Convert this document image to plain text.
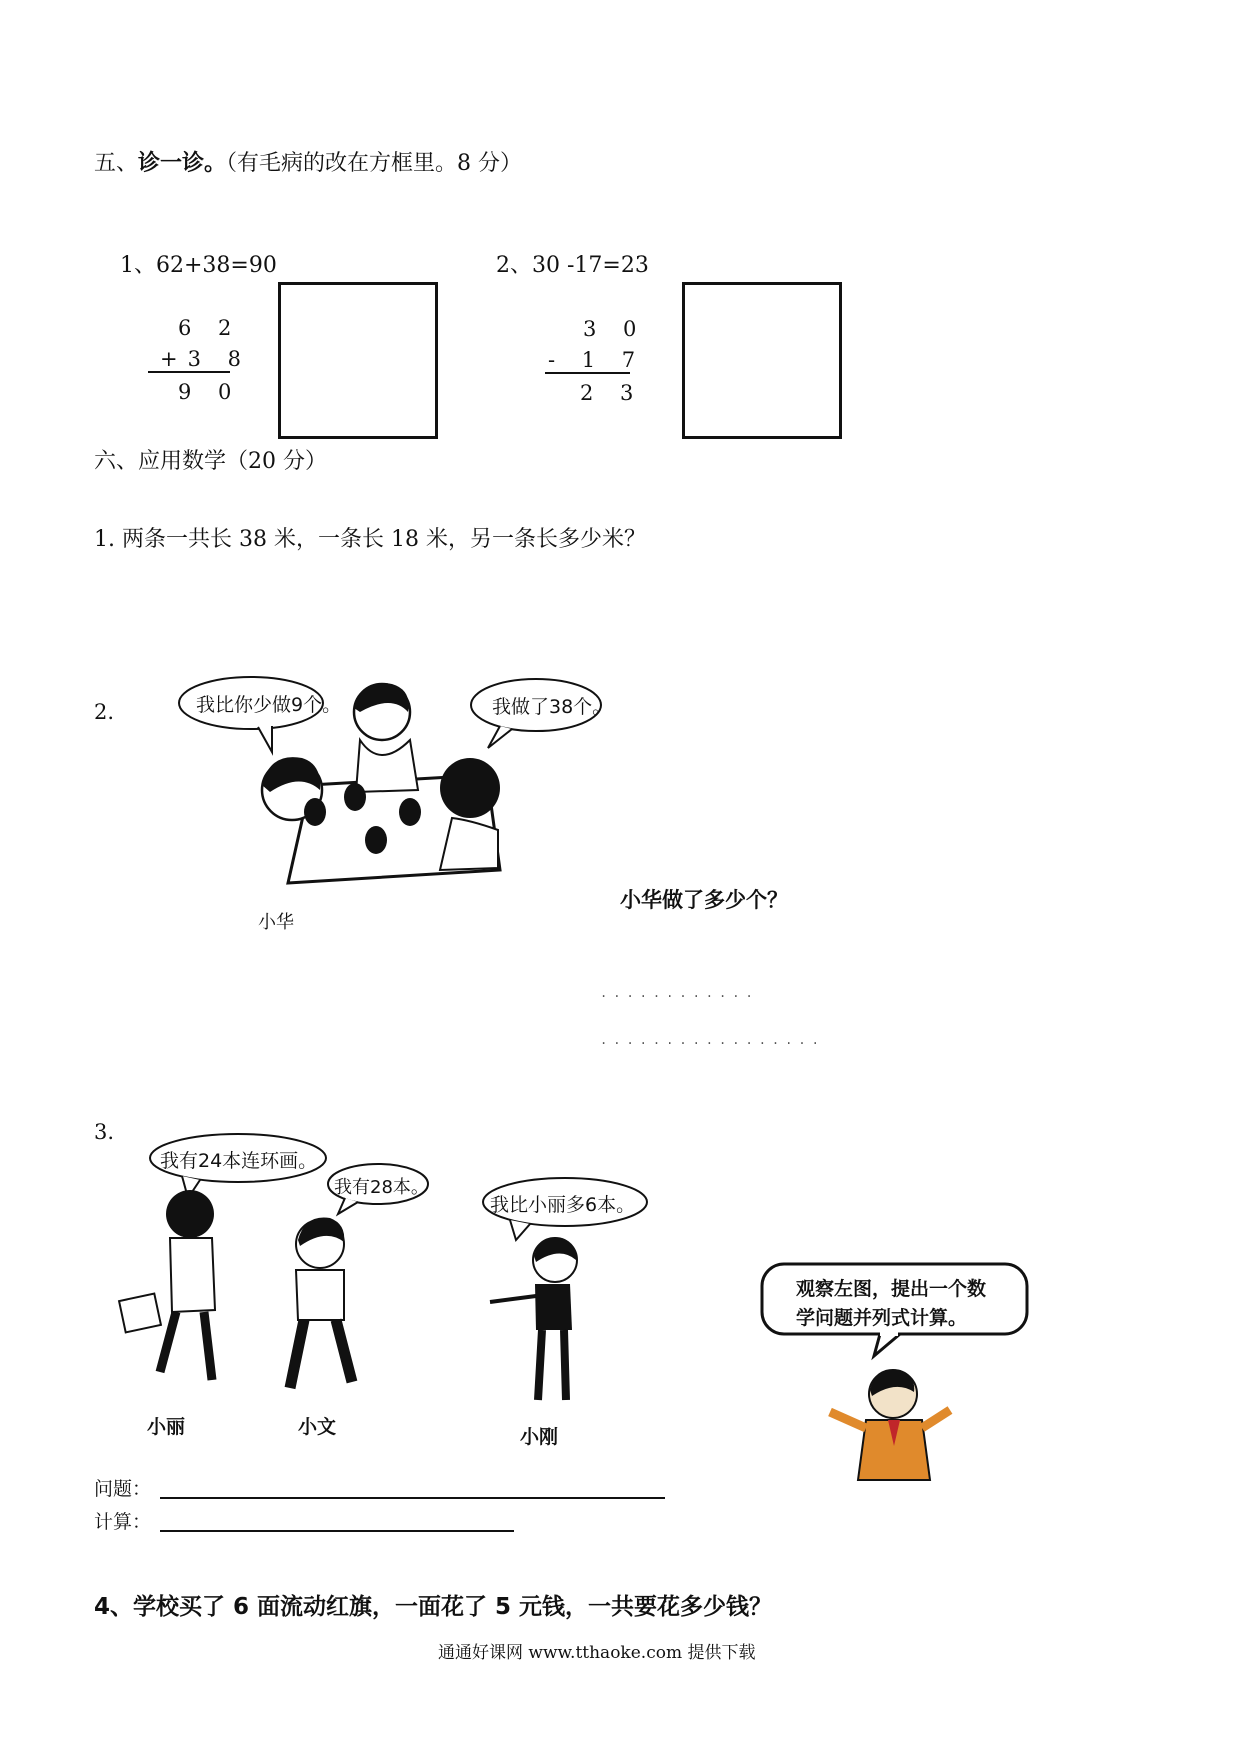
五、诊一诊。（有毛病的改在方框里。8 分）
1、62+38=90
6 2
+3 8
9 0
2、30 -17=23
3 0
- 1 7
2 3
六、应用数学（20 分）
1. 两条一共长 38 米，一条长 18 米，另一条长多少米？
2.	我比你少做9个。	我做了38个。
小华
小华做了多少个？
............
.................
3.
我有24本连环画。
我有28本。
我比小丽多6本。
小丽	小文	小刚
观察左图，提出一个数
学问题并列式计算。
问题：
计算：
4、学校买了 6 面流动红旗，一面花了 5 元钱，一共要花多少钱？
通通好课网 www.tthaoke.com 提供下载
